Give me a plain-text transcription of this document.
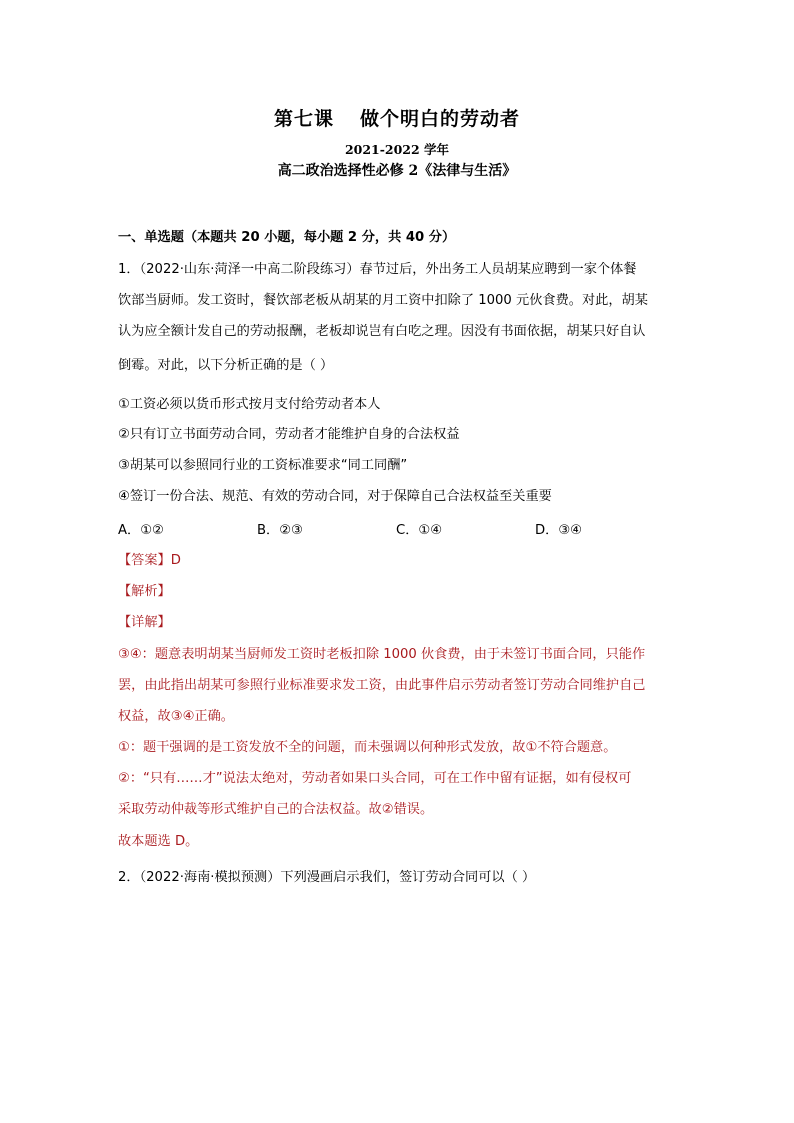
第七课 做个明白的劳动者
2021-2022 学年
高二政治选择性必修 2《法律与生活》
一、单选题（本题共 20 小题，每小题 2 分，共 40 分）
1．（2022·山东·菏泽一中高二阶段练习）春节过后，外出务工人员胡某应聘到一家个体餐
饮部当厨师。发工资时，餐饮部老板从胡某的月工资中扣除了 1000 元伙食费。对此，胡某
认为应全额计发自己的劳动报酬，老板却说岂有白吃之理。因没有书面依据，胡某只好自认
倒霉。对此，以下分析正确的是（ ）
①工资必须以货币形式按月支付给劳动者本人
②只有订立书面劳动合同，劳动者才能维护自身的合法权益
③胡某可以参照同行业的工资标准要求“同工同酬”
④签订一份合法、规范、有效的劳动合同，对于保障自己合法权益至关重要
A．①②	B．②③	C．①④	D．③④
【答案】D
【解析】
【详解】
③④：题意表明胡某当厨师发工资时老板扣除 1000 伙食费，由于未签订书面合同，只能作
罢，由此指出胡某可参照行业标准要求发工资，由此事件启示劳动者签订劳动合同维护自己
权益，故③④正确。
①：题干强调的是工资发放不全的问题，而未强调以何种形式发放，故①不符合题意。
②：“只有……才”说法太绝对，劳动者如果口头合同，可在工作中留有证据，如有侵权可
采取劳动仲裁等形式维护自己的合法权益。故②错误。
故本题选 D。
2．（2022·海南·模拟预测）下列漫画启示我们，签订劳动合同可以（ ）
